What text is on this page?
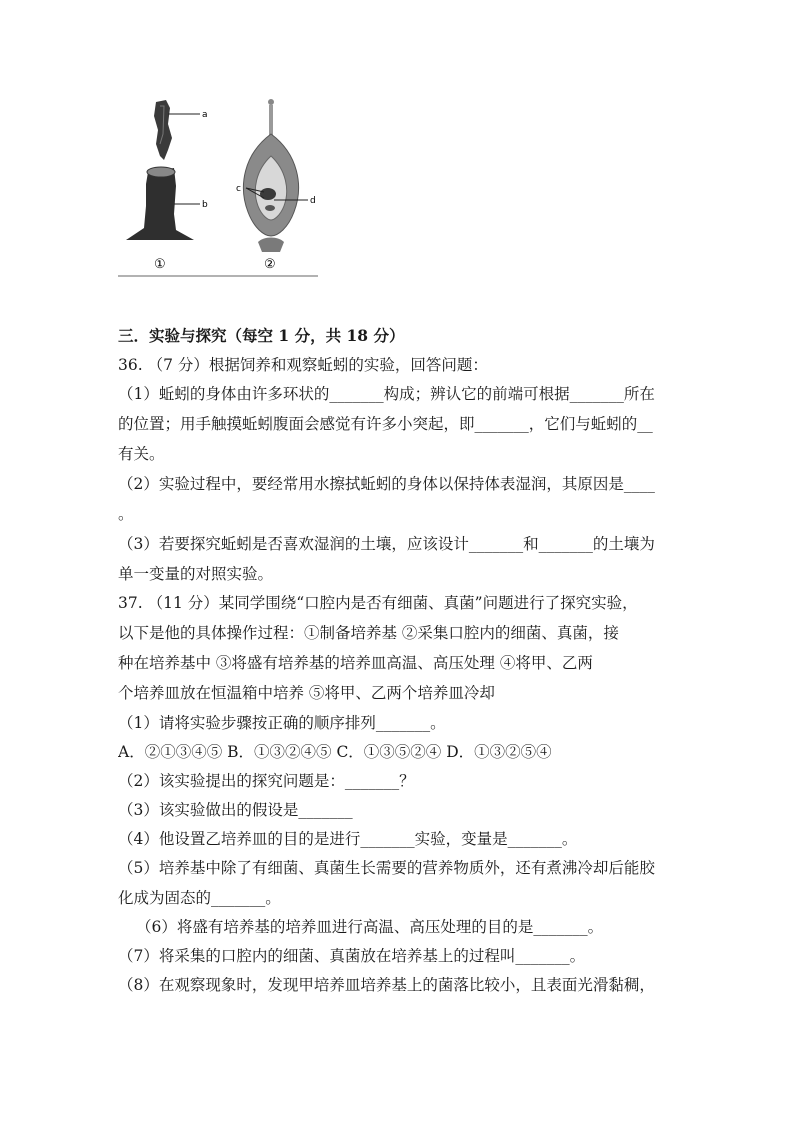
a
b
c
d
①	②
三．实验与探究（每空 1 分，共 18 分）
36. （7 分）根据饲养和观察蚯蚓的实验，回答问题：
（1）蚯蚓的身体由许多环状的_______构成；辨认它的前端可根据_______所在
的位置；用手触摸蚯蚓腹面会感觉有许多小突起，即_______，它们与蚯蚓的__
有关。
（2）实验过程中，要经常用水擦拭蚯蚓的身体以保持体表湿润，其原因是____
。
（3）若要探究蚯蚓是否喜欢湿润的土壤，应该设计_______和_______的土壤为
单一变量的对照实验。
37. （11 分）某同学围绕“口腔内是否有细菌、真菌”问题进行了探究实验，
以下是他的具体操作过程：①制备培养基 ②采集口腔内的细菌、真菌，接
种在培养基中 ③将盛有培养基的培养皿高温、高压处理 ④将甲、乙两
个培养皿放在恒温箱中培养 ⑤将甲、乙两个培养皿冷却
（1）请将实验步骤按正确的顺序排列_______。
A．②①③④⑤ B．①③②④⑤ C．①③⑤②④ D．①③②⑤④
（2）该实验提出的探究问题是：_______？
（3）该实验做出的假设是_______
（4）他设置乙培养皿的目的是进行_______实验，变量是_______。
（5）培养基中除了有细菌、真菌生长需要的营养物质外，还有煮沸冷却后能胶
化成为固态的_______。
（6）将盛有培养基的培养皿进行高温、高压处理的目的是_______。
（7）将采集的口腔内的细菌、真菌放在培养基上的过程叫_______。
（8）在观察现象时，发现甲培养皿培养基上的菌落比较小，且表面光滑黏稠，
